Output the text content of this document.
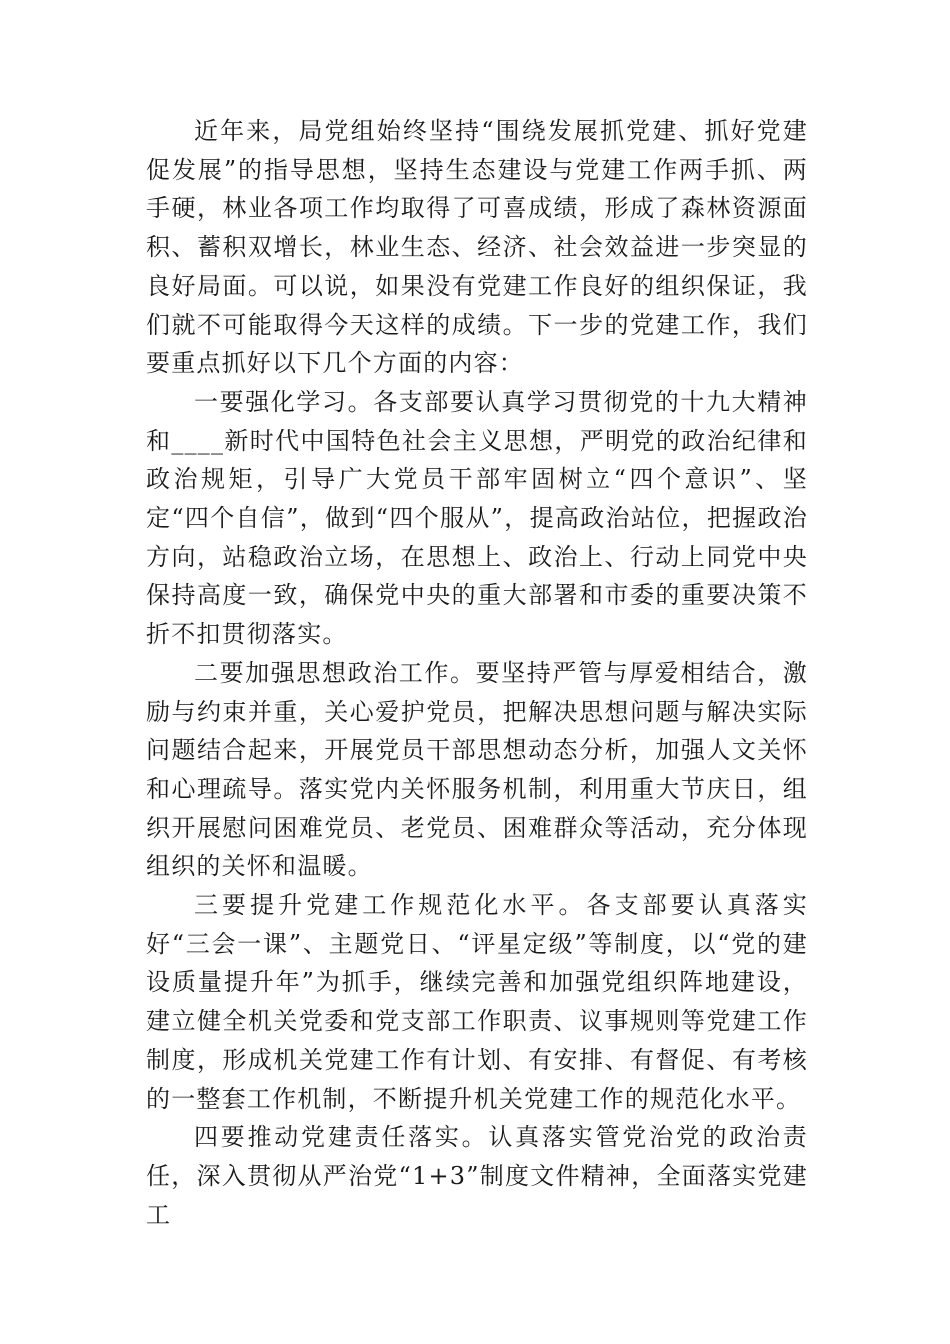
近年来，局党组始终坚持“围绕发展抓党建、抓好党建促发展”的指导思想，坚持生态建设与党建工作两手抓、两手硬，林业各项工作均取得了可喜成绩，形成了森林资源面积、蓄积双增长，林业生态、经济、社会效益进一步突显的良好局面。可以说，如果没有党建工作良好的组织保证，我们就不可能取得今天这样的成绩。下一步的党建工作，我们要重点抓好以下几个方面的内容：

一要强化学习。各支部要认真学习贯彻党的十九大精神和____新时代中国特色社会主义思想，严明党的政治纪律和政治规矩，引导广大党员干部牢固树立“四个意识”、坚定“四个自信”，做到“四个服从”，提高政治站位，把握政治方向，站稳政治立场，在思想上、政治上、行动上同党中央保持高度一致，确保党中央的重大部署和市委的重要决策不折不扣贯彻落实。

二要加强思想政治工作。要坚持严管与厚爱相结合，激励与约束并重，关心爱护党员，把解决思想问题与解决实际问题结合起来，开展党员干部思想动态分析，加强人文关怀和心理疏导。落实党内关怀服务机制，利用重大节庆日，组织开展慰问困难党员、老党员、困难群众等活动，充分体现组织的关怀和温暖。

三要提升党建工作规范化水平。各支部要认真落实好“三会一课”、主题党日、“评星定级”等制度，以“党的建设质量提升年”为抓手，继续完善和加强党组织阵地建设，建立健全机关党委和党支部工作职责、议事规则等党建工作制度，形成机关党建工作有计划、有安排、有督促、有考核的一整套工作机制，不断提升机关党建工作的规范化水平。

四要推动党建责任落实。认真落实管党治党的政治责任，深入贯彻从严治党“1+3”制度文件精神，全面落实党建工
